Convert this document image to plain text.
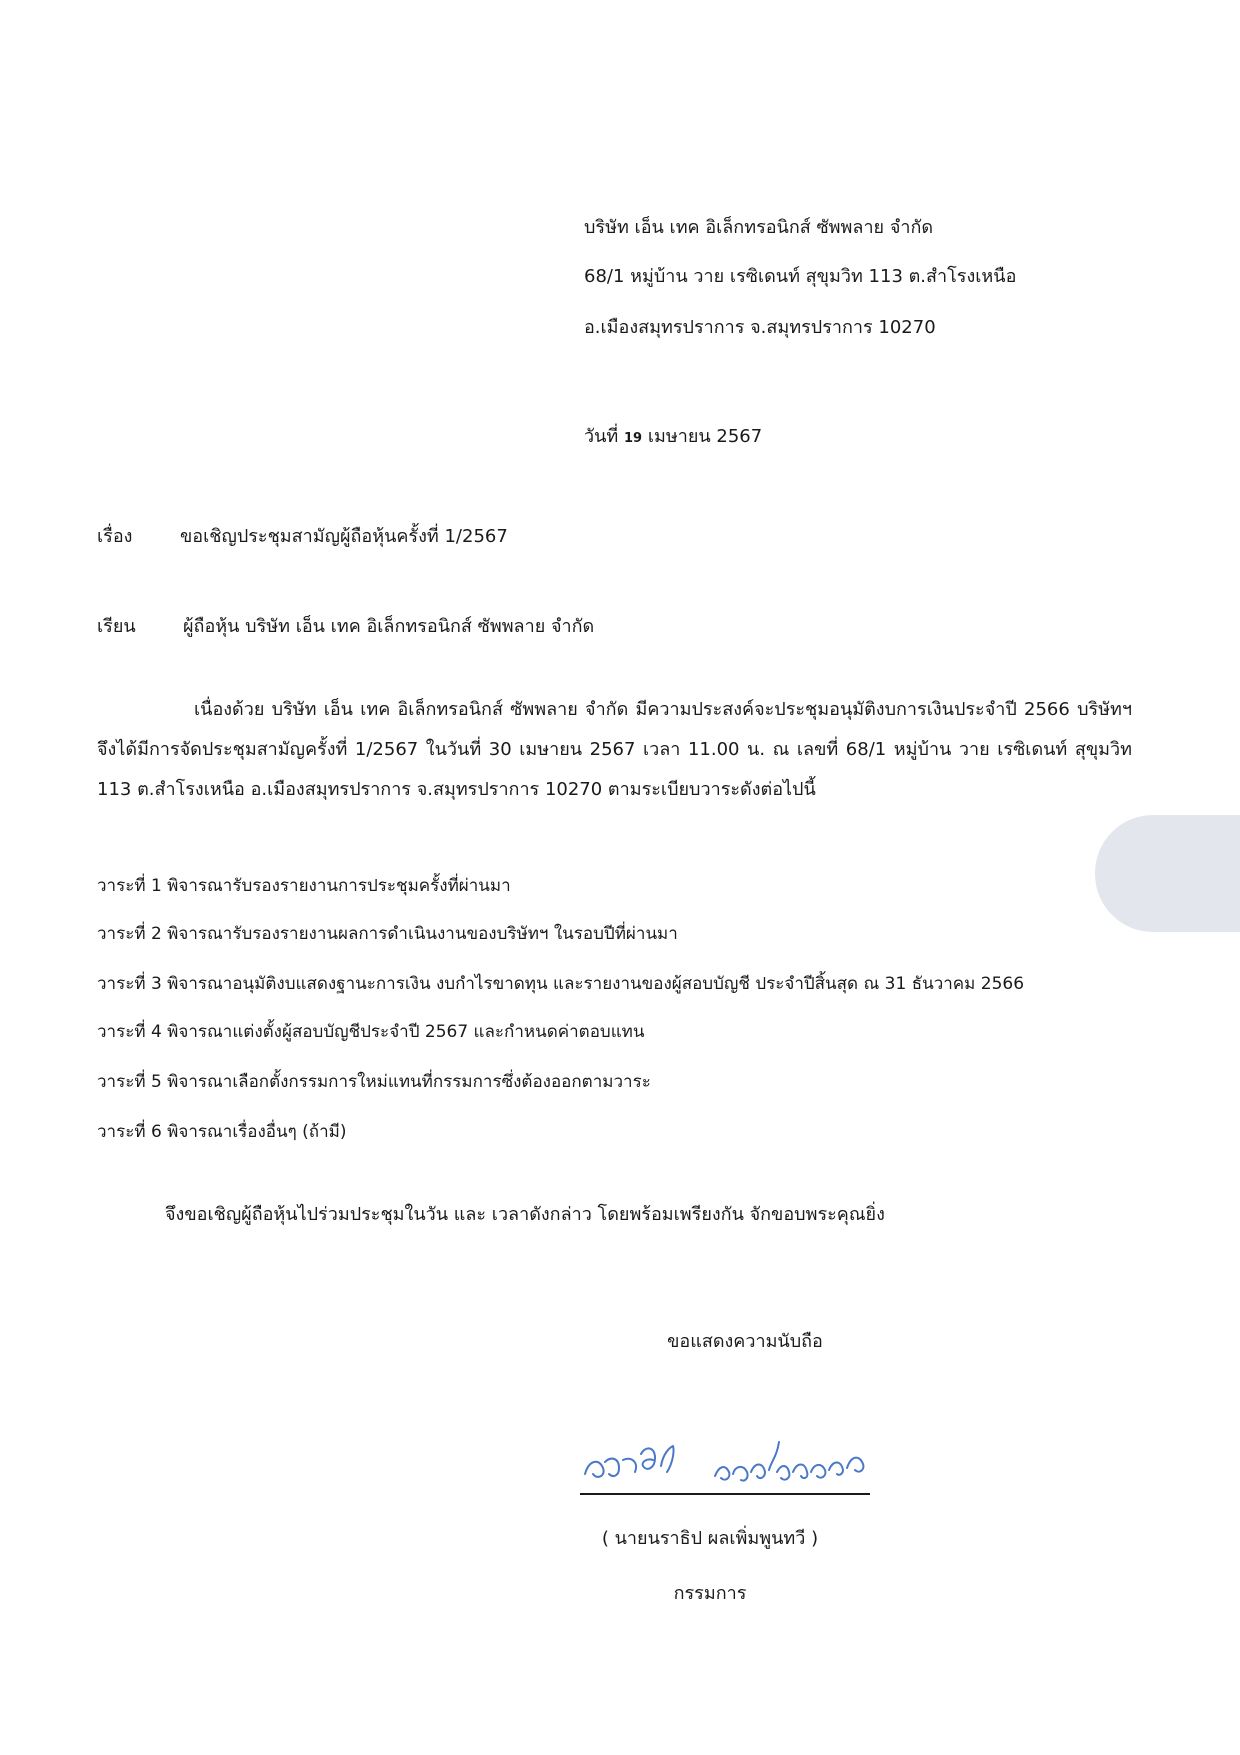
บริษัท เอ็น เทค อิเล็กทรอนิกส์ ซัพพลาย จำกัด
68/1 หมู่บ้าน วาย เรซิเดนท์ สุขุมวิท 113 ต.สำโรงเหนือ
อ.เมืองสมุทรปราการ จ.สมุทรปราการ 10270
วันที่ 19 เมษายน 2567
เรื่อง	ขอเชิญประชุมสามัญผู้ถือหุ้นครั้งที่ 1/2567
เรียน	ผู้ถือหุ้น บริษัท เอ็น เทค อิเล็กทรอนิกส์ ซัพพลาย จำกัด
เนื่องด้วย บริษัท เอ็น เทค อิเล็กทรอนิกส์ ซัพพลาย จำกัด มีความประสงค์จะประชุมอนุมัติงบการเงินประจำปี 2566 บริษัทฯ จึงได้มีการจัดประชุมสามัญครั้งที่ 1/2567 ในวันที่ 30 เมษายน 2567 เวลา 11.00 น. ณ เลขที่ 68/1 หมู่บ้าน วาย เรซิเดนท์ สุขุมวิท 113 ต.สำโรงเหนือ อ.เมืองสมุทรปราการ จ.สมุทรปราการ 10270 ตามระเบียบวาระดังต่อไปนี้
วาระที่ 1 พิจารณารับรองรายงานการประชุมครั้งที่ผ่านมา
วาระที่ 2 พิจารณารับรองรายงานผลการดำเนินงานของบริษัทฯ ในรอบปีที่ผ่านมา
วาระที่ 3 พิจารณาอนุมัติงบแสดงฐานะการเงิน งบกำไรขาดทุน และรายงานของผู้สอบบัญชี ประจำปีสิ้นสุด ณ 31 ธันวาคม 2566
วาระที่ 4 พิจารณาแต่งตั้งผู้สอบบัญชีประจำปี 2567 และกำหนดค่าตอบแทน
วาระที่ 5 พิจารณาเลือกตั้งกรรมการใหม่แทนที่กรรมการซึ่งต้องออกตามวาระ
วาระที่ 6 พิจารณาเรื่องอื่นๆ (ถ้ามี)
จึงขอเชิญผู้ถือหุ้นไปร่วมประชุมในวัน และ เวลาดังกล่าว โดยพร้อมเพรียงกัน จักขอบพระคุณยิ่ง
ขอแสดงความนับถือ
( นายนราธิป ผลเพิ่มพูนทวี )
กรรมการ
